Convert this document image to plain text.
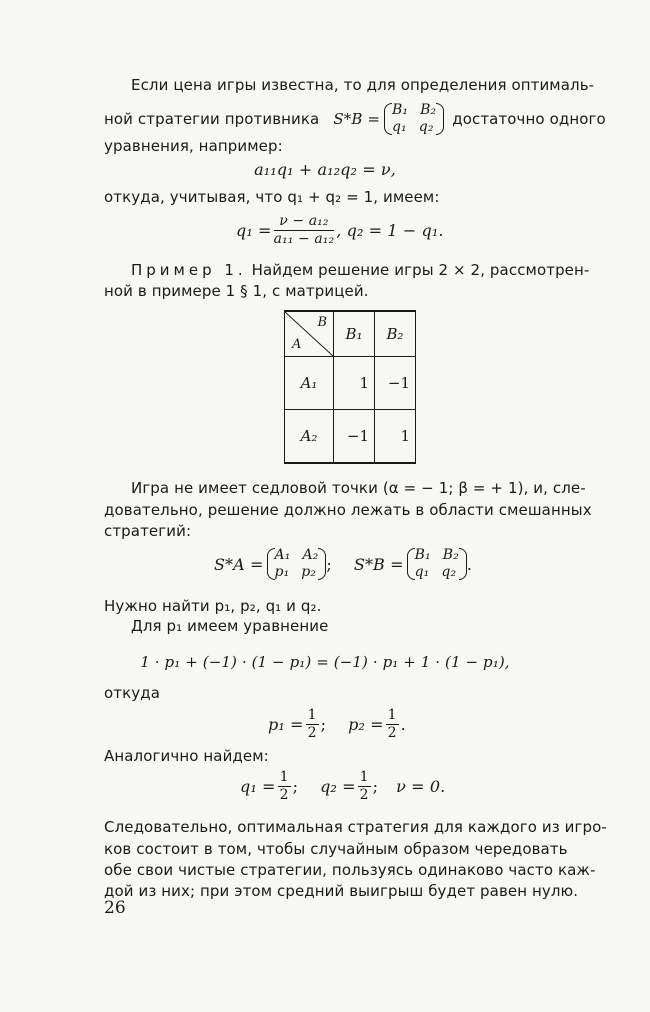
Если цена игры известна, то для определения оптималь-
ной стратегии противника S*B = B₁ B₂
q₁ q₂ достаточно одного
уравнения, например:
a₁₁q₁ + a₁₂q₂ = ν,
откуда, учитывая, что q₁ + q₂ = 1, имеем:
$q_1 = \frac{\text{ν − a₁₂}}{\text{a₁₁ − a₁₂}}$ , q₂ = 1 − q₁.
Пример 1. Найдем решение игры 2 × 2, рассмотрен-
ной в примере 1 § 1, с матрицей.
B
A	B₁	B₂
A₁	1	−1
A₂	−1	1
Игра не имеет седловой точки (α = − 1; β = + 1), и, сле-
довательно, решение должно лежать в области смешанных
стратегий:
S*A = A₁ A₂
p₁ p₂ ; S*B = B₁ B₂
q₁ q₂ .
Нужно найти p₁, p₂, q₁ и q₂.
Для p₁ имеем уравнение
1 · p₁ + (−1) · (1 − p₁) = (−1) · p₁ + 1 · (1 − p₁),
откуда
$p_1 = \frac{1}{2}$ ; $p_2 = \frac{1}{2}$ .
Аналогично найдем:
$q_1 = \frac{1}{2}$ ; $q_2 = \frac{1}{2}$ ; ν = 0.
Следовательно, оптимальная стратегия для каждого из игро-
ков состоит в том, чтобы случайным образом чередовать
обе свои чистые стратегии, пользуясь одинаково часто каж-
дой из них; при этом средний выигрыш будет равен нулю.
26
